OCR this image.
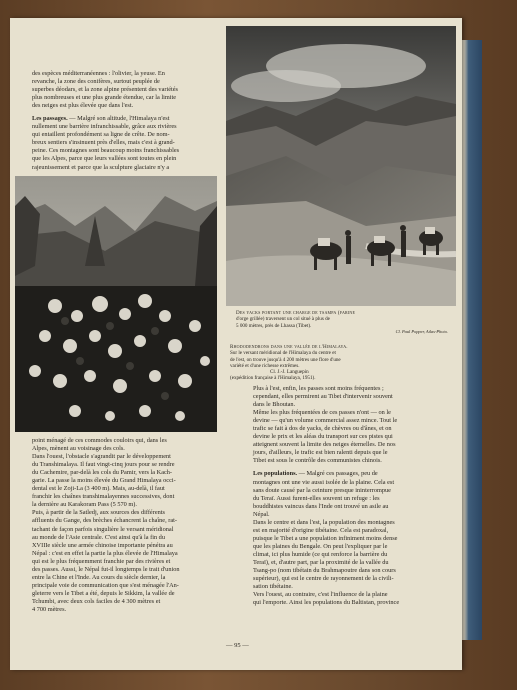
des espèces méditerranéennes : l'olivier, la yeuse. En

revanche, la zone des conifères, surtout peuplée de

superbes déodars, et la zone alpine présentent des variétés

plus nombreuses et une plus grande étendue, car la limite

des neiges est plus élevée que dans l'est.

Les passages. — Malgré son altitude, l'Himalaya n'est

nullement une barrière infranchissable, grâce aux rivières

qui entaillent profondément sa ligne de crête. De nom-

breux sentiers s'insinuent près d'elles, mais c'est à grand-

peine. Ces montagnes sont beaucoup moins franchissables

que les Alpes, parce que leurs vallées sont toutes en plein

rajeunissement et parce que la sculpture glaciaire n'y a

Des yacks portant une charge de tsampa (farine
d'orge grillée) traversent un col situé à plus de
5 000 mètres, près de Lhassa (Tibet).
Cl. Paul Popper, Atlas-Photo.
Rhododendrons dans une vallée de l'Himalaya.
Sur le versant méridional de l'Himalaya du centre et
de l'est, on trouve jusqu'à 4 200 mètres une flore d'une
variété et d'une richesse extrêmes.
Cl. J.-J. Languepin
(expédition française à l'Himalaya, 1951).

Plus à l'est, enfin, les passes sont moins fréquentes ;

cependant, elles permirent au Tibet d'intervenir souvent

dans le Bhoutan.

Même les plus fréquentées de ces passes n'ont — on le

devine — qu'un volume commercial assez mince. Tout le

trafic se fait à dos de yacks, de chèvres ou d'ânes, et on

devine le prix et les aléas du transport sur ces pistes qui

atteignent souvent la limite des neiges éternelles. De nos

jours, d'ailleurs, le trafic est bien ralenti depuis que le

Tibet est sous le contrôle des communistes chinois.

Les populations. — Malgré ces passages, peu de

montagnes ont une vie aussi isolée de la plaine. Cela est

sans doute causé par la ceinture presque ininterrompue

du Teraï. Aussi furent-elles souvent un refuge : les

bouddhistes vaincus dans l'Inde ont trouvé un asile au

Népal.

Dans le centre et dans l'est, la population des montagnes

est en majorité d'origine tibétaine. Cela est paradoxal,

puisque le Tibet a une population infiniment moins dense

que les plaines du Bengale. On peut l'expliquer par le

climat, ici plus humide (ce qui renforce la barrière du

Teraï), et, d'autre part, par la proximité de la vallée du

Tsang-po (nom tibétain du Brahmapoutre dans son cours

supérieur), qui est le centre de rayonnement de la civili-

sation tibétaine.

Vers l'ouest, au contraire, c'est l'influence de la plaine

qui l'emporte. Ainsi les populations du Baltistan, province

point ménagé de ces commodes couloirs qui, dans les

Alpes, mènent au voisinage des cols.

Dans l'ouest, l'obstacle s'agrandit par le développement

du Transhimalaya. Il faut vingt-cinq jours pour se rendre

du Cachemire, par-delà les cols du Pamir, vers la Kach-

garie. La passe la moins élevée du Grand Himalaya occi-

dental est le Zoji-La (3 400 m). Mais, au-delà, il faut

franchir les chaînes transhimalayennes successives, dont

la dernière au Karakoram Pass (5 570 m).

Puis, à partir de la Satledj, aux sources des différents

affluents du Gange, des brèches échancrent la chaîne, rat-

tachant de façon parfois singulière le versant méridional

au monde de l'Asie centrale. C'est ainsi qu'à la fin du

XVIIIe siècle une armée chinoise importante pénétra au

Népal : c'est en effet la partie la plus élevée de l'Himalaya

qui est le plus fréquemment franchie par des rivières et

des passes. Aussi, le Népal fut-il longtemps le trait d'union

entre la Chine et l'Inde. Au cours du siècle dernier, la

principale voie de communication que s'est ménagée l'An-

gleterre vers le Tibet a été, depuis le Sikkim, la vallée de

Tchumbi, avec deux cols faciles de 4 300 mètres et

4 700 mètres.

— 95 —
